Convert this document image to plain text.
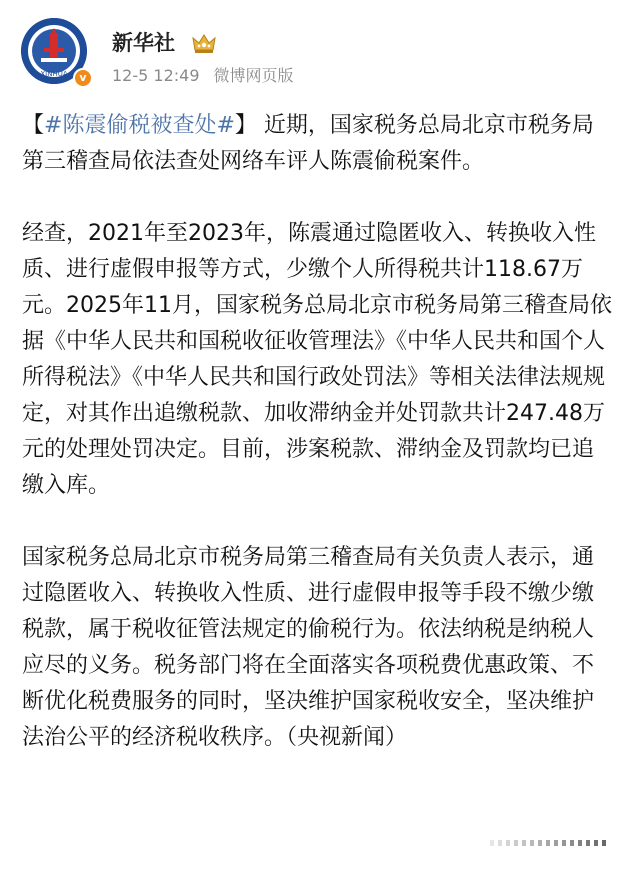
XINHUA	v
新华社
12-5 12:49 微博网页版

【#陈震偷税被查处#】 近期，国家税务总局北京市税务局第三稽查局依法查处网络车评人陈震偷税案件。

经查，2021年至2023年，陈震通过隐匿收入、转换收入性质、进行虚假申报等方式，少缴个人所得税共计118.67万元。2025年11月，国家税务总局北京市税务局第三稽查局依据《中华人民共和国税收征收管理法》《中华人民共和国个人所得税法》《中华人民共和国行政处罚法》等相关法律法规规定，对其作出追缴税款、加收滞纳金并处罚款共计247.48万元的处理处罚决定。目前，涉案税款、滞纳金及罚款均已追缴入库。

国家税务总局北京市税务局第三稽查局有关负责人表示，通过隐匿收入、转换收入性质、进行虚假申报等手段不缴少缴税款，属于税收征管法规定的偷税行为。依法纳税是纳税人应尽的义务。税务部门将在全面落实各项税费优惠政策、不断优化税费服务的同时，坚决维护国家税收安全，坚决维护法治公平的经济税收秩序。（央视新闻）
